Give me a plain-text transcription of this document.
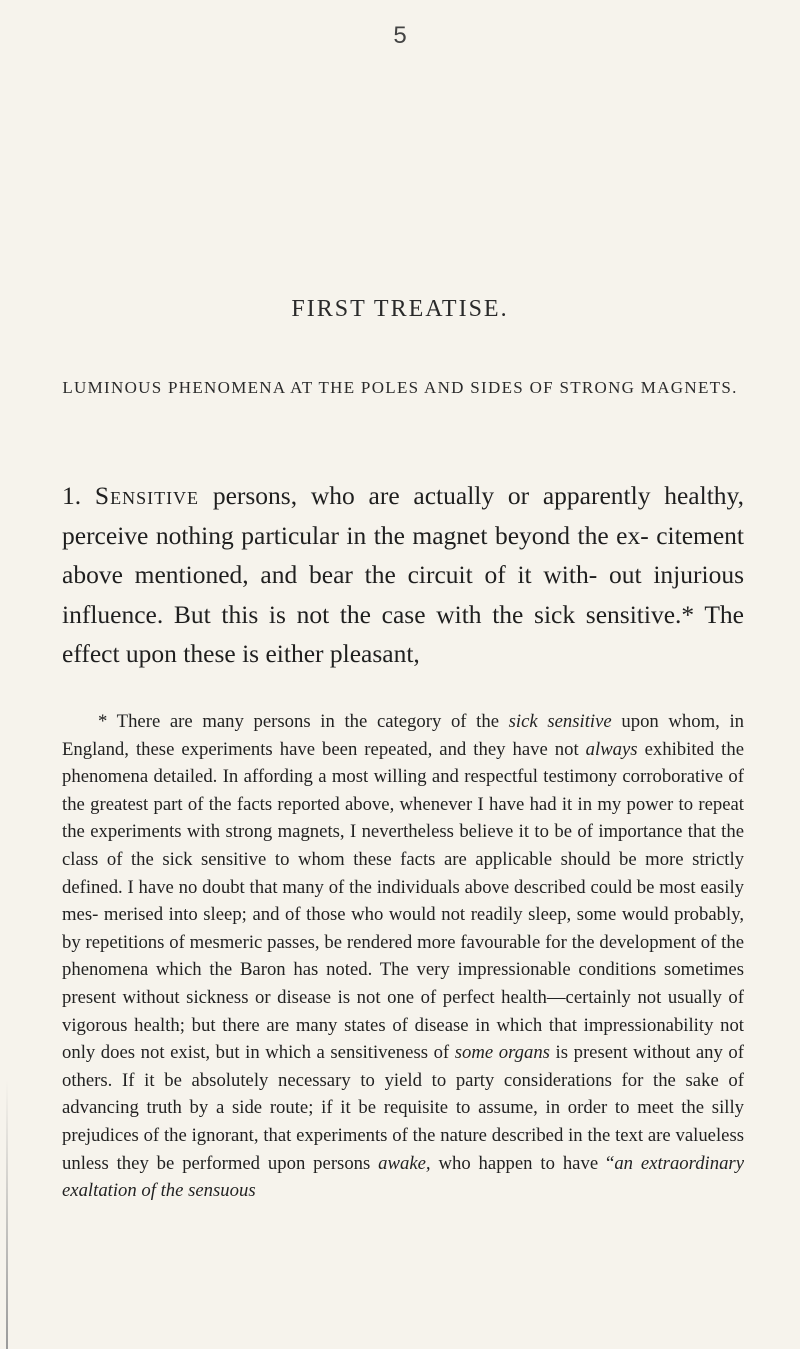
5
FIRST TREATISE.
LUMINOUS PHENOMENA AT THE POLES AND SIDES OF STRONG MAGNETS.
1. Sensitive persons, who are actually or apparently healthy, perceive nothing particular in the magnet beyond the ex- citement above mentioned, and bear the circuit of it with- out injurious influence. But this is not the case with the sick sensitive.* The effect upon these is either pleasant,

* There are many persons in the category of the sick sensitive upon whom, in England, these experiments have been repeated, and they have not always exhibited the phenomena detailed. In affording a most willing and respectful testimony corroborative of the greatest part of the facts reported above, whenever I have had it in my power to repeat the experiments with strong magnets, I nevertheless believe it to be of importance that the class of the sick sensitive to whom these facts are applicable should be more strictly defined. I have no doubt that many of the individuals above described could be most easily mes- merised into sleep; and of those who would not readily sleep, some would probably, by repetitions of mesmeric passes, be rendered more favourable for the development of the phenomena which the Baron has noted. The very impressionable conditions sometimes present without sickness or disease is not one of perfect health—certainly not usually of vigorous health; but there are many states of disease in which that impressionability not only does not exist, but in which a sensitiveness of some organs is present without any of others. If it be absolutely necessary to yield to party considerations for the sake of advancing truth by a side route; if it be requisite to assume, in order to meet the silly prejudices of the ignorant, that experiments of the nature described in the text are valueless unless they be performed upon persons awake, who happen to have “an extraordinary exaltation of the sensuous
